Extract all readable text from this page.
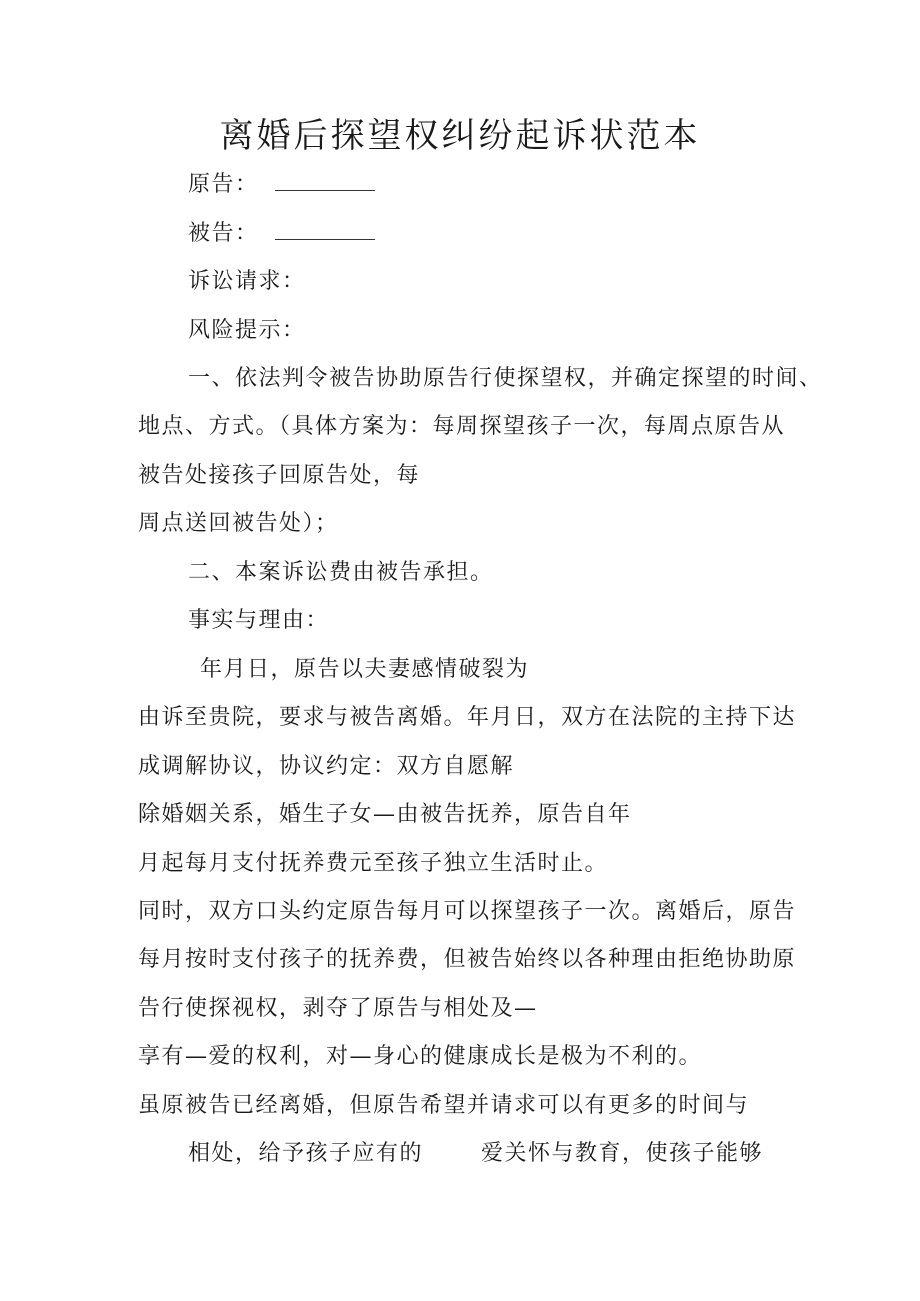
离婚后探望权纠纷起诉状范本
原告：
被告：
诉讼请求：
风险提示：
一、依法判令被告协助原告行使探望权，并确定探望的时间、
地点、方式。（具体方案为：每周探望孩子一次，每周点原告从
被告处接孩子回原告处，每
周点送回被告处）；
二、本案诉讼费由被告承担。
事实与理由：
年月日，原告以夫妻感情破裂为
由诉至贵院，要求与被告离婚。年月日，双方在法院的主持下达
成调解协议，协议约定：双方自愿解
除婚姻关系，婚生子女—由被告抚养，原告自年
月起每月支付抚养费元至孩子独立生活时止。
同时，双方口头约定原告每月可以探望孩子一次。离婚后，原告
每月按时支付孩子的抚养费，但被告始终以各种理由拒绝协助原
告行使探视权，剥夺了原告与相处及—
享有—爱的权利，对—身心的健康成长是极为不利的。
虽原被告已经离婚，但原告希望并请求可以有更多的时间与
相处，给予孩子应有的	爱关怀与教育，使孩子能够
